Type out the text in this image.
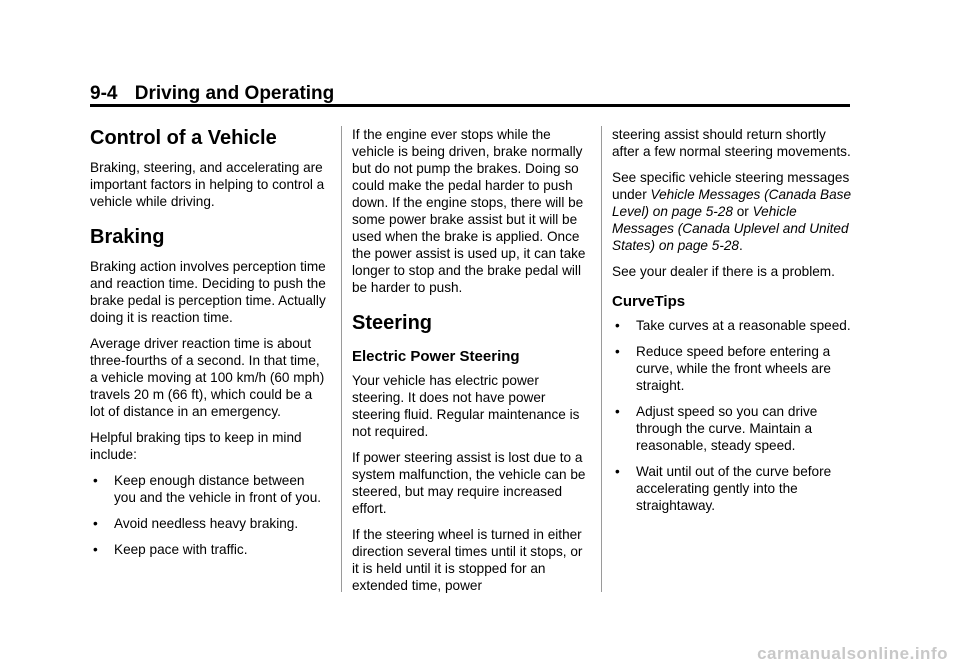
9-4 Driving and Operating
Control of a Vehicle

Braking, steering, and accelerating are important factors in helping to control a vehicle while driving.

Braking

Braking action involves perception time and reaction time. Deciding to push the brake pedal is perception time. Actually doing it is reaction time.

Average driver reaction time is about three-fourths of a second. In that time, a vehicle moving at 100 km/h (60 mph) travels 20 m (66 ft), which could be a lot of distance in an emergency.

Helpful braking tips to keep in mind include:

• Keep enough distance between you and the vehicle in front of you.
• Avoid needless heavy braking.
• Keep pace with traffic.

If the engine ever stops while the vehicle is being driven, brake normally but do not pump the brakes. Doing so could make the pedal harder to push down. If the engine stops, there will be some power brake assist but it will be used when the brake is applied. Once the power assist is used up, it can take longer to stop and the brake pedal will be harder to push.

Steering
Electric Power Steering

Your vehicle has electric power steering. It does not have power steering fluid. Regular maintenance is not required.

If power steering assist is lost due to a system malfunction, the vehicle can be steered, but may require increased effort.

If the steering wheel is turned in either direction several times until it stops, or it is held until it is stopped for an extended time, power

steering assist should return shortly after a few normal steering movements.

See specific vehicle steering messages under Vehicle Messages (Canada Base Level) on page 5-28 or Vehicle Messages (Canada Uplevel and United States) on page 5-28.

See your dealer if there is a problem.

CurveTips
• Take curves at a reasonable speed.
• Reduce speed before entering a curve, while the front wheels are straight.
• Adjust speed so you can drive through the curve. Maintain a reasonable, steady speed.
• Wait until out of the curve before accelerating gently into the straightaway.
carmanualsonline.info
